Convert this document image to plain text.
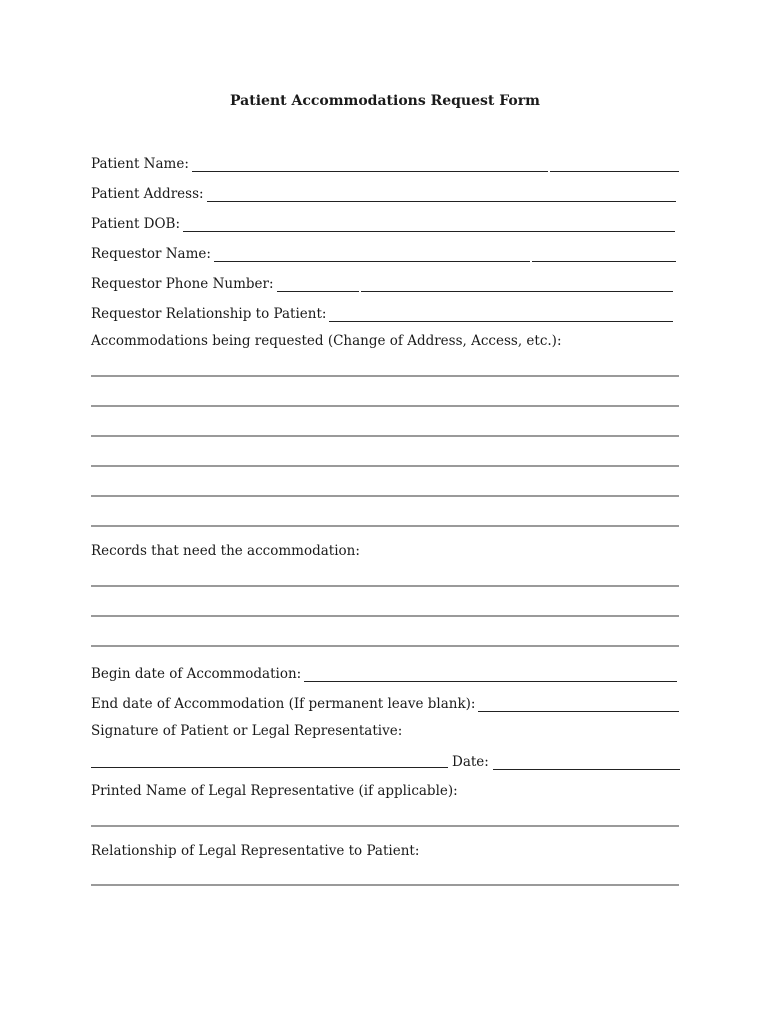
Patient Accommodations Request Form
Patient Name:
Patient Address:
Patient DOB:
Requestor Name:
Requestor Phone Number:
Requestor Relationship to Patient:
Accommodations being requested (Change of Address, Access, etc.):
Records that need the accommodation:
Begin date of Accommodation:
End date of Accommodation (If permanent leave blank):
Signature of Patient or Legal Representative:
Date:
Printed Name of Legal Representative (if applicable):
Relationship of Legal Representative to Patient:
